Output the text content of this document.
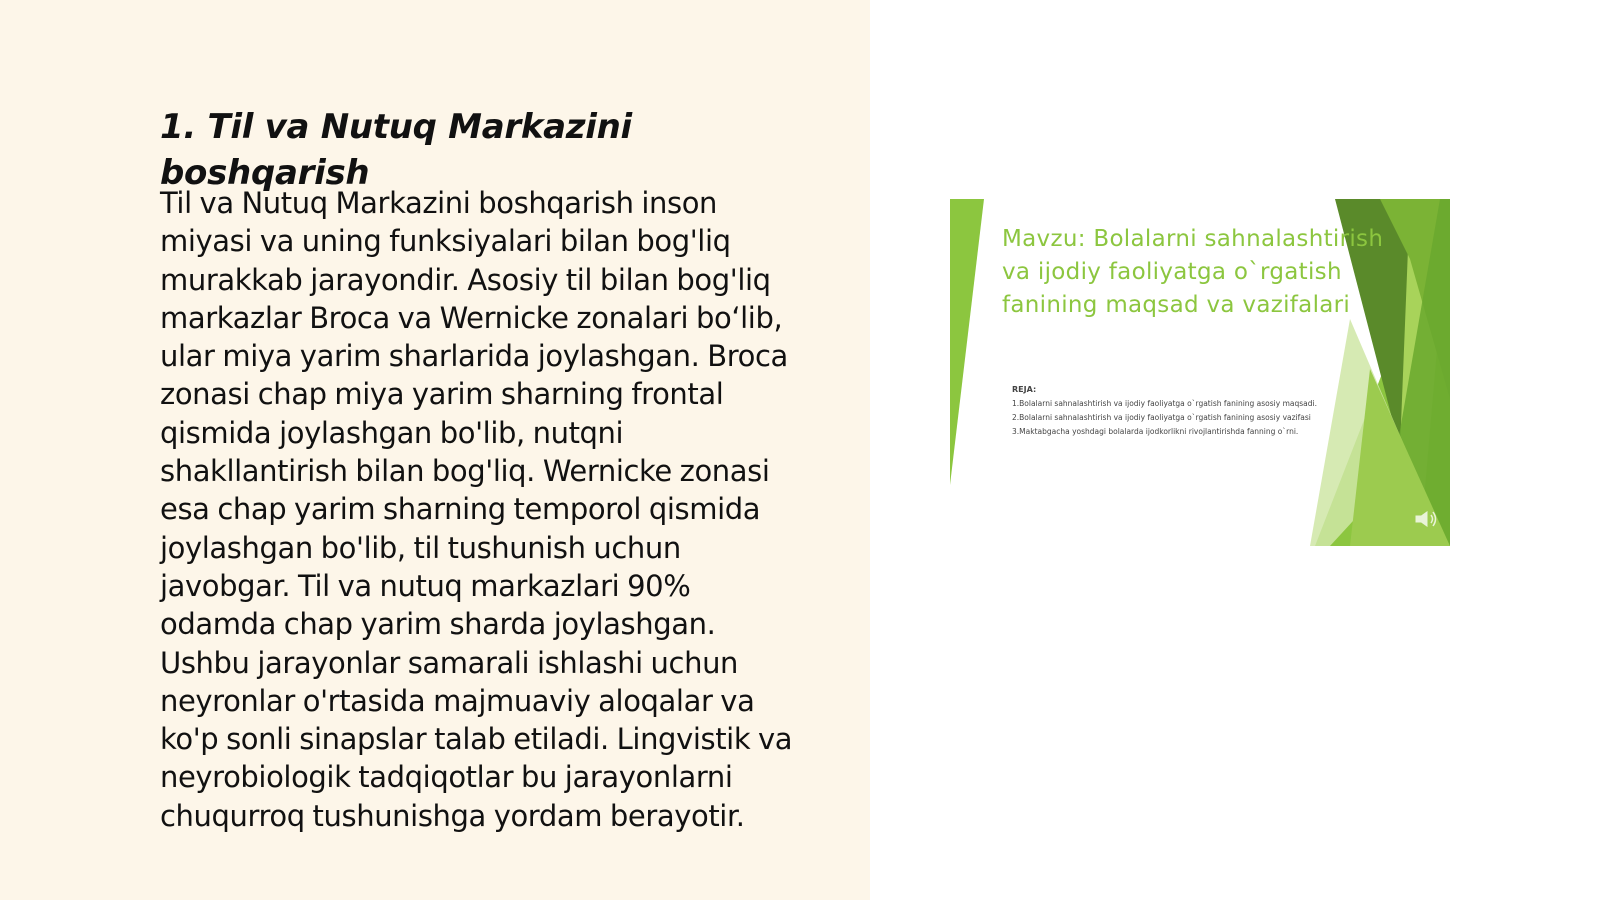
1. Til va Nutuq Markazini boshqarish
Til va Nutuq Markazini boshqarish inson
miyasi va uning funksiyalari bilan bog'liq
murakkab jarayondir. Asosiy til bilan bog'liq
markazlar Broca va Wernicke zonalari bo‘lib,
ular miya yarim sharlarida joylashgan. Broca
zonasi chap miya yarim sharning frontal
qismida joylashgan bo'lib, nutqni
shakllantirish bilan bog'liq. Wernicke zonasi
esa chap yarim sharning temporol qismida
joylashgan bo'lib, til tushunish uchun
javobgar. Til va nutuq markazlari 90%
odamda chap yarim sharda joylashgan.
Ushbu jarayonlar samarali ishlashi uchun
neyronlar o'rtasida majmuaviy aloqalar va
ko'p sonli sinapslar talab etiladi. Lingvistik va
neyrobiologik tadqiqotlar bu jarayonlarni
chuqurroq tushunishga yordam berayotir.
Mavzu: Bolalarni sahnalashtirish
va ijodiy faoliyatga o`rgatish
fanining maqsad va vazifalari
REJA:
1.Bolalarni sahnalashtirish va ijodiy faoliyatga o`rgatish fanining asosiy maqsadi.
2.Bolalarni sahnalashtirish va ijodiy faoliyatga o`rgatish fanining asosiy vazifasi
3.Maktabgacha yoshdagi bolalarda ijodkorlikni rivojlantirishda fanning o`rni.
